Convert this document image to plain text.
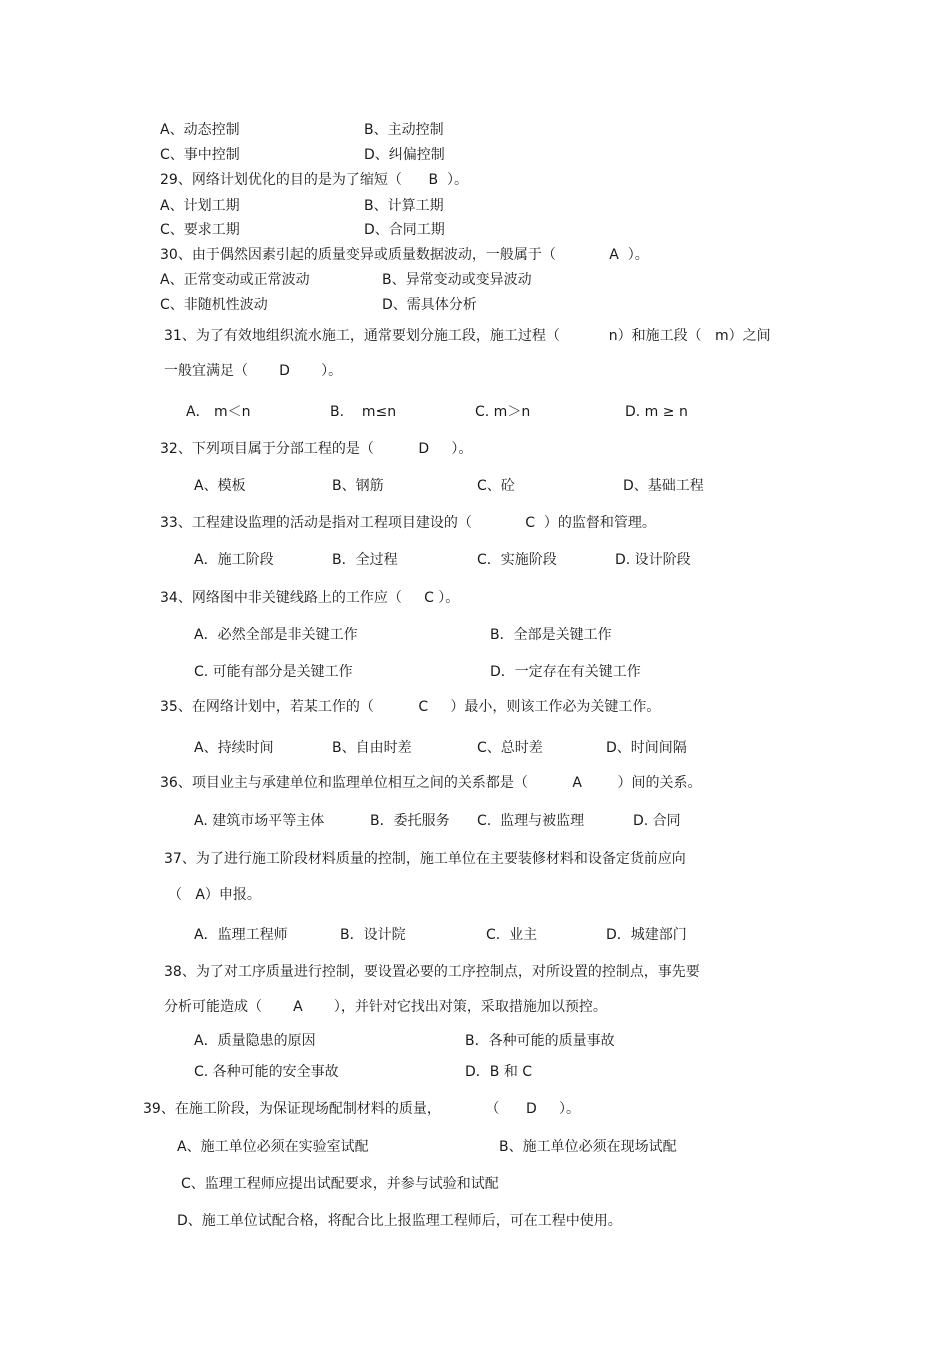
A、动态控制	B、主动控制
C、事中控制	D、纠偏控制
29、网络计划优化的目的是为了缩短（      B  ）。
A、计划工期	B、计算工期
C、要求工期	D、合同工期
30、由于偶然因素引起的质量变异或质量数据波动，一般属于（            A  ）。
A、正常变动或正常波动	B、异常变动或变异波动
C、非随机性波动	D、需具体分析
31、为了有效地组织流水施工，通常要划分施工段，施工过程（           n）和施工段（   m）之间
一般宜满足（       D       ）。
A． m＜n	B.    m≤n	C. m＞n	D. m ≥ n
32、下列项目属于分部工程的是（          D     ）。
A、模板	B、钢筋	C、砼	D、基础工程
33、工程建设监理的活动是指对工程项目建设的（            C  ）的监督和管理。
A．施工阶段	B．全过程	C．实施阶段	D. 设计阶段
34、网络图中非关键线路上的工作应（     C ）。
A．必然全部是非关键工作	B．全部是关键工作
C. 可能有部分是关键工作	D．一定存在有关键工作
35、在网络计划中，若某工作的（          C     ）最小，则该工作必为关键工作。
A、持续时间	B、自由时差	C、总时差	D、时间间隔
36、项目业主与承建单位和监理单位相互之间的关系都是（          A        ）间的关系。
A. 建筑市场平等主体	B．委托服务 C.  监理与被监理	D. 合同
37、为了进行施工阶段材料质量的控制，施工单位在主要装修材料和设备定货前应向
（   A）申报。
A．监理工程师	B．设计院	C.  业主	D．城建部门
38、为了对工序质量进行控制，要设置必要的工序控制点，对所设置的控制点，事先要
分析可能造成（       A       ），并针对它找出对策，采取措施加以预控。
A．质量隐患的原因	B．各种可能的质量事故
C. 各种可能的安全事故	D．B 和 C
39、在施工阶段，为保证现场配制材料的质量，          （      D     ）。
A、施工单位必须在实验室试配	B、施工单位必须在现场试配
C、监理工程师应提出试配要求，并参与试验和试配
D、施工单位试配合格，将配合比上报监理工程师后，可在工程中使用。
